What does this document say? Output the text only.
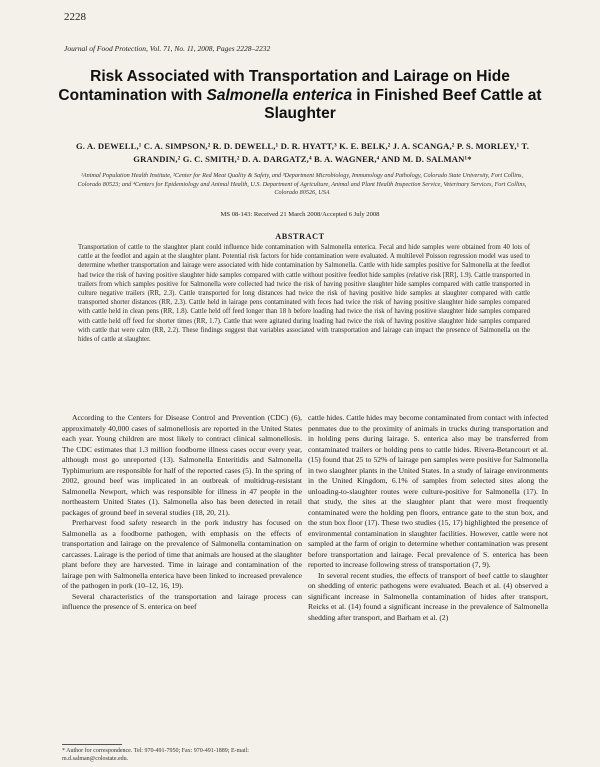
2228
Journal of Food Protection, Vol. 71, No. 11, 2008, Pages 2228–2232
Risk Associated with Transportation and Lairage on Hide Contamination with Salmonella enterica in Finished Beef Cattle at Slaughter
G. A. DEWELL,¹ C. A. SIMPSON,² R. D. DEWELL,¹ D. R. HYATT,³ K. E. BELK,² J. A. SCANGA,² P. S. MORLEY,¹ T. GRANDIN,² G. C. SMITH,² D. A. DARGATZ,⁴ B. A. WAGNER,⁴ AND M. D. SALMAN¹*
¹Animal Population Health Institute, ²Center for Red Meat Quality & Safety, and ³Department Microbiology, Immunology and Pathology, Colorado State University, Fort Collins, Colorado 80523; and ⁴Centers for Epidemiology and Animal Health, U.S. Department of Agriculture, Animal and Plant Health Inspection Service, Veterinary Services, Fort Collins, Colorado 80526, USA
MS 08-143: Received 21 March 2008/Accepted 6 July 2008
ABSTRACT
Transportation of cattle to the slaughter plant could influence hide contamination with Salmonella enterica. Fecal and hide samples were obtained from 40 lots of cattle at the feedlot and again at the slaughter plant. Potential risk factors for hide contamination were evaluated. A multilevel Poisson regression model was used to determine whether transportation and lairage were associated with hide contamination by Salmonella. Cattle with hide samples positive for Salmonella at the feedlot had twice the risk of having positive slaughter hide samples compared with cattle without positive feedlot hide samples (relative risk [RR], 1.9). Cattle transported in trailers from which samples positive for Salmonella were collected had twice the risk of having positive slaughter hide samples compared with cattle transported in culture negative trailers (RR, 2.3). Cattle transported for long distances had twice the risk of having positive hide samples at slaughter compared with cattle transported shorter distances (RR, 2.3). Cattle held in lairage pens contaminated with feces had twice the risk of having positive slaughter hide samples compared with cattle held in clean pens (RR, 1.8). Cattle held off feed longer than 18 h before loading had twice the risk of having positive slaughter hide samples compared with cattle held off feed for shorter times (RR, 1.7). Cattle that were agitated during loading had twice the risk of having positive slaughter hide samples compared with cattle that were calm (RR, 2.2). These findings suggest that variables associated with transportation and lairage can impact the presence of Salmonella on the hides of cattle at slaughter.

According to the Centers for Disease Control and Prevention (CDC) (6), approximately 40,000 cases of salmonellosis are reported in the United States each year. Young children are most likely to contract clinical salmonellosis. The CDC estimates that 1.3 million foodborne illness cases occur every year, although most go unreported (13). Salmonella Enteritidis and Salmonella Typhimurium are responsible for half of the reported cases (5). In the spring of 2002, ground beef was implicated in an outbreak of multidrug-resistant Salmonella Newport, which was responsible for illness in 47 people in the northeastern United States (1). Salmonella also has been detected in retail packages of ground beef in several studies (18, 20, 21).

Prerharvest food safety research in the pork industry has focused on Salmonella as a foodborne pathogen, with emphasis on the effects of transportation and lairage on the prevalence of Salmonella contamination on carcasses. Lairage is the period of time that animals are housed at the slaughter plant before they are harvested. Time in lairage and contamination of the lairage pen with Salmonella enterica have been linked to increased prevalence of the pathogen in pork (10–12, 16, 19).

Several characteristics of the transportation and lairage process can influence the presence of S. enterica on beef

cattle hides. Cattle hides may become contaminated from contact with infected penmates due to the proximity of animals in trucks during transportation and in holding pens during lairage. S. enterica also may be transferred from contaminated trailers or holding pens to cattle hides. Rivera-Betancourt et al. (15) found that 25 to 52% of lairage pen samples were positive for Salmonella in two slaughter plants in the United States. In a study of lairage environments in the United Kingdom, 6.1% of samples from selected sites along the unloading-to-slaughter routes were culture-positive for Salmonella (17). In that study, the sites at the slaughter plant that were most frequently contaminated were the holding pen floors, entrance gate to the stun box, and the stun box floor (17). These two studies (15, 17) highlighted the presence of environmental contamination in slaughter facilities. However, cattle were not sampled at the farm of origin to determine whether contamination was present before transportation and lairage. Fecal prevalence of S. enterica has been reported to increase following stress of transportation (7, 9).

In several recent studies, the effects of transport of beef cattle to slaughter on shedding of enteric pathogens were evaluated. Beach et al. (4) observed a significant increase in Salmonella contamination of hides after transport, Reicks et al. (14) found a significant increase in the prevalence of Salmonella shedding after transport, and Barham et al. (2)

* Author for correspondence. Tel: 970-491-7950; Fax: 970-491-1889; E-mail: m.d.salman@colostate.edu.
